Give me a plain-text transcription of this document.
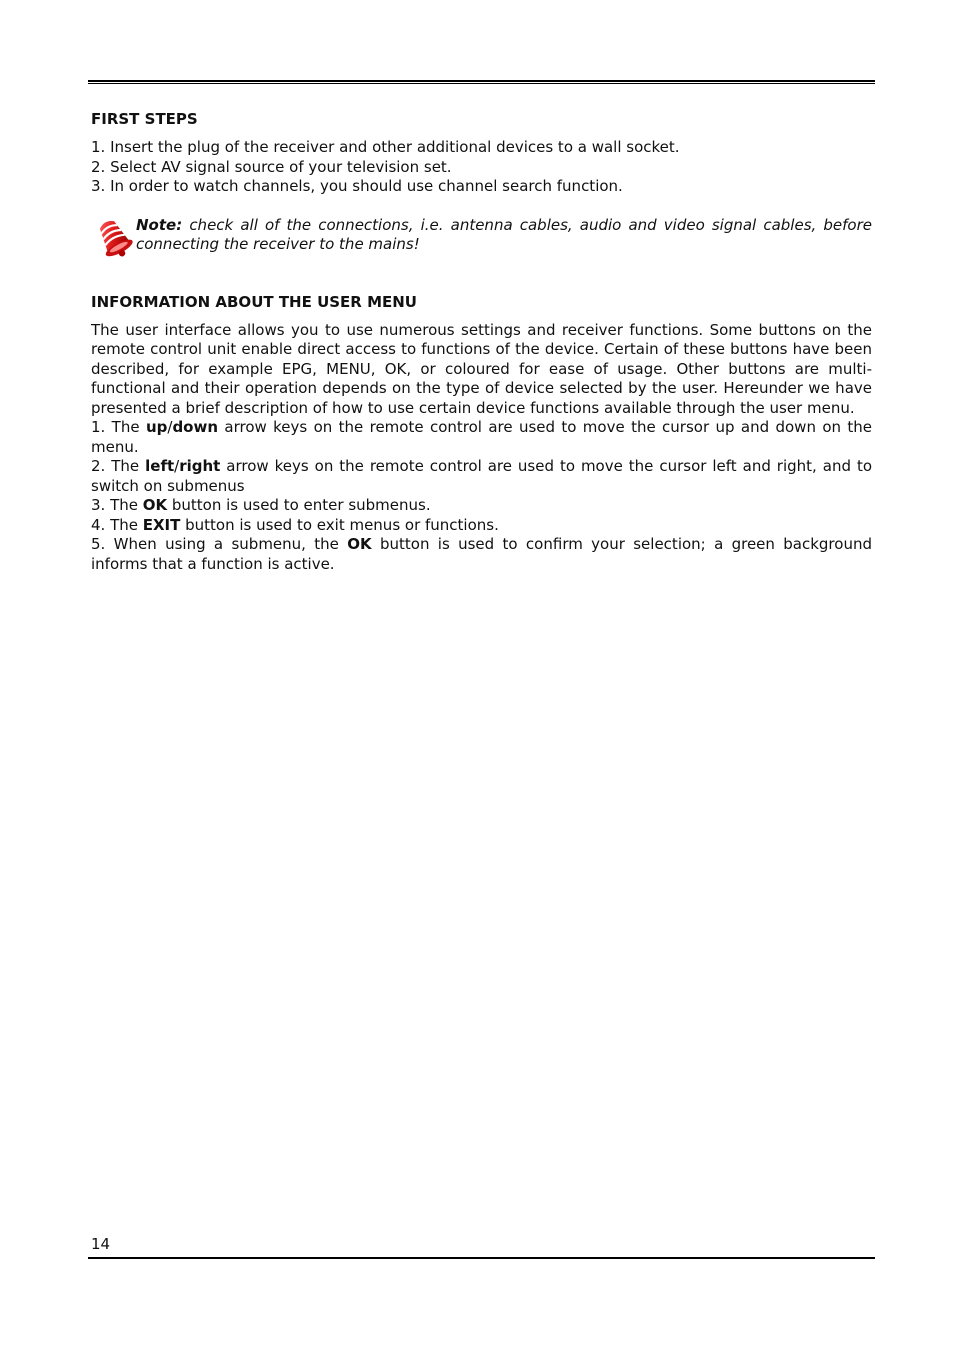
FIRST STEPS

1. Insert the plug of the receiver and other additional devices to a wall socket.

2. Select AV signal source of your television set.

3. In order to watch channels, you should use channel search function.

Note: check all of the connections, i.e. antenna cables, audio and video signal cables, before connecting the receiver to the mains!
INFORMATION ABOUT THE USER MENU

The user interface allows you to use numerous settings and receiver functions. Some buttons on the remote control unit enable direct access to functions of the device. Certain of these buttons have been described, for example EPG, MENU, OK, or coloured for ease of usage. Other buttons are multi-functional and their operation depends on the type of device selected by the user. Hereunder we have presented a brief description of how to use certain device functions available through the user menu.

1. The up/down arrow keys on the remote control are used to move the cursor up and down on the menu.

2. The left/right arrow keys on the remote control are used to move the cursor left and right, and to switch on submenus

3. The OK button is used to enter submenus.

4. The EXIT button is used to exit menus or functions.

5. When using a submenu, the OK button is used to confirm your selection; a green background informs that a function is active.

14
